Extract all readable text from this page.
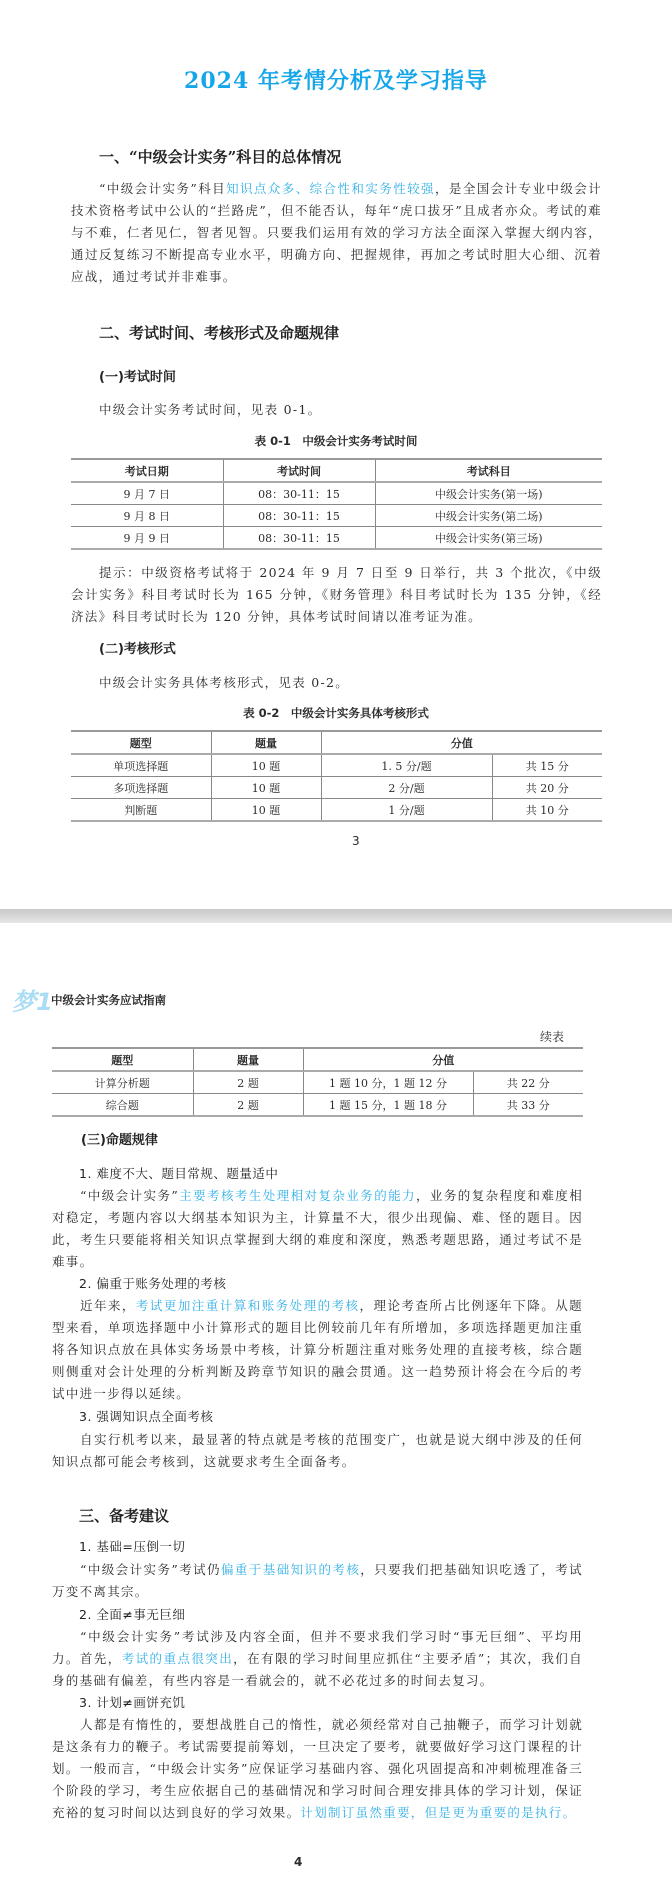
2024 年考情分析及学习指导
一、“中级会计实务”科目的总体情况
“中级会计实务”科目知识点众多、综合性和实务性较强，是全国会计专业中级会计技术资格考试中公认的“拦路虎”，但不能否认，每年“虎口拔牙”且成者亦众。考试的难与不难，仁者见仁，智者见智。只要我们运用有效的学习方法全面深入掌握大纲内容，通过反复练习不断提高专业水平，明确方向、把握规律，再加之考试时胆大心细、沉着应战，通过考试并非难事。
二、考试时间、考核形式及命题规律
(一)考试时间
中级会计实务考试时间，见表 0-1。
表 0-1　中级会计实务考试时间
考试日期	考试时间	考试科目
9 月 7 日	08：30-11：15	中级会计实务(第一场)
9 月 8 日	08：30-11：15	中级会计实务(第二场)
9 月 9 日	08：30-11：15	中级会计实务(第三场)
提示：中级资格考试将于 2024 年 9 月 7 日至 9 日举行，共 3 个批次，《中级会计实务》科目考试时长为 165 分钟，《财务管理》科目考试时长为 135 分钟，《经济法》科目考试时长为 120 分钟，具体考试时间请以准考证为准。
(二)考核形式
中级会计实务具体考核形式，见表 0-2。
表 0-2　中级会计实务具体考核形式
题型	题量	分值	
单项选择题	10 题	1. 5 分/题	共 15 分
多项选择题	10 题	2 分/题	共 20 分
判断题	10 题	1 分/题	共 10 分
3
梦1
中级会计实务应试指南
续表
题型	题量	分值	
计算分析题	2 题	1 题 10 分，1 题 12 分	共 22 分
综合题	2 题	1 题 15 分，1 题 18 分	共 33 分
(三)命题规律
1. 难度不大、题目常规、题量适中
“中级会计实务”主要考核考生处理相对复杂业务的能力，业务的复杂程度和难度相对稳定，考题内容以大纲基本知识为主，计算量不大，很少出现偏、难、怪的题目。因此，考生只要能将相关知识点掌握到大纲的难度和深度，熟悉考题思路，通过考试不是难事。
2. 偏重于账务处理的考核
近年来，考试更加注重计算和账务处理的考核，理论考查所占比例逐年下降。从题型来看，单项选择题中小计算形式的题目比例较前几年有所增加，多项选择题更加注重将各知识点放在具体实务场景中考核，计算分析题注重对账务处理的直接考核，综合题则侧重对会计处理的分析判断及跨章节知识的融会贯通。这一趋势预计将会在今后的考试中进一步得以延续。
3. 强调知识点全面考核
自实行机考以来，最显著的特点就是考核的范围变广，也就是说大纲中涉及的任何知识点都可能会考核到，这就要求考生全面备考。
三、备考建议
1. 基础=压倒一切
“中级会计实务”考试仍偏重于基础知识的考核，只要我们把基础知识吃透了，考试万变不离其宗。
2. 全面≠事无巨细
“中级会计实务”考试涉及内容全面，但并不要求我们学习时“事无巨细”、平均用力。首先，考试的重点很突出，在有限的学习时间里应抓住“主要矛盾”；其次，我们自身的基础有偏差，有些内容是一看就会的，就不必花过多的时间去复习。
3. 计划≠画饼充饥
人都是有惰性的，要想战胜自己的惰性，就必须经常对自己抽鞭子，而学习计划就是这条有力的鞭子。考试需要提前筹划，一旦决定了要考，就要做好学习这门课程的计划。一般而言，“中级会计实务”应保证学习基础内容、强化巩固提高和冲刺梳理准备三个阶段的学习，考生应依据自己的基础情况和学习时间合理安排具体的学习计划，保证充裕的复习时间以达到良好的学习效果。计划制订虽然重要，但是更为重要的是执行。
4
